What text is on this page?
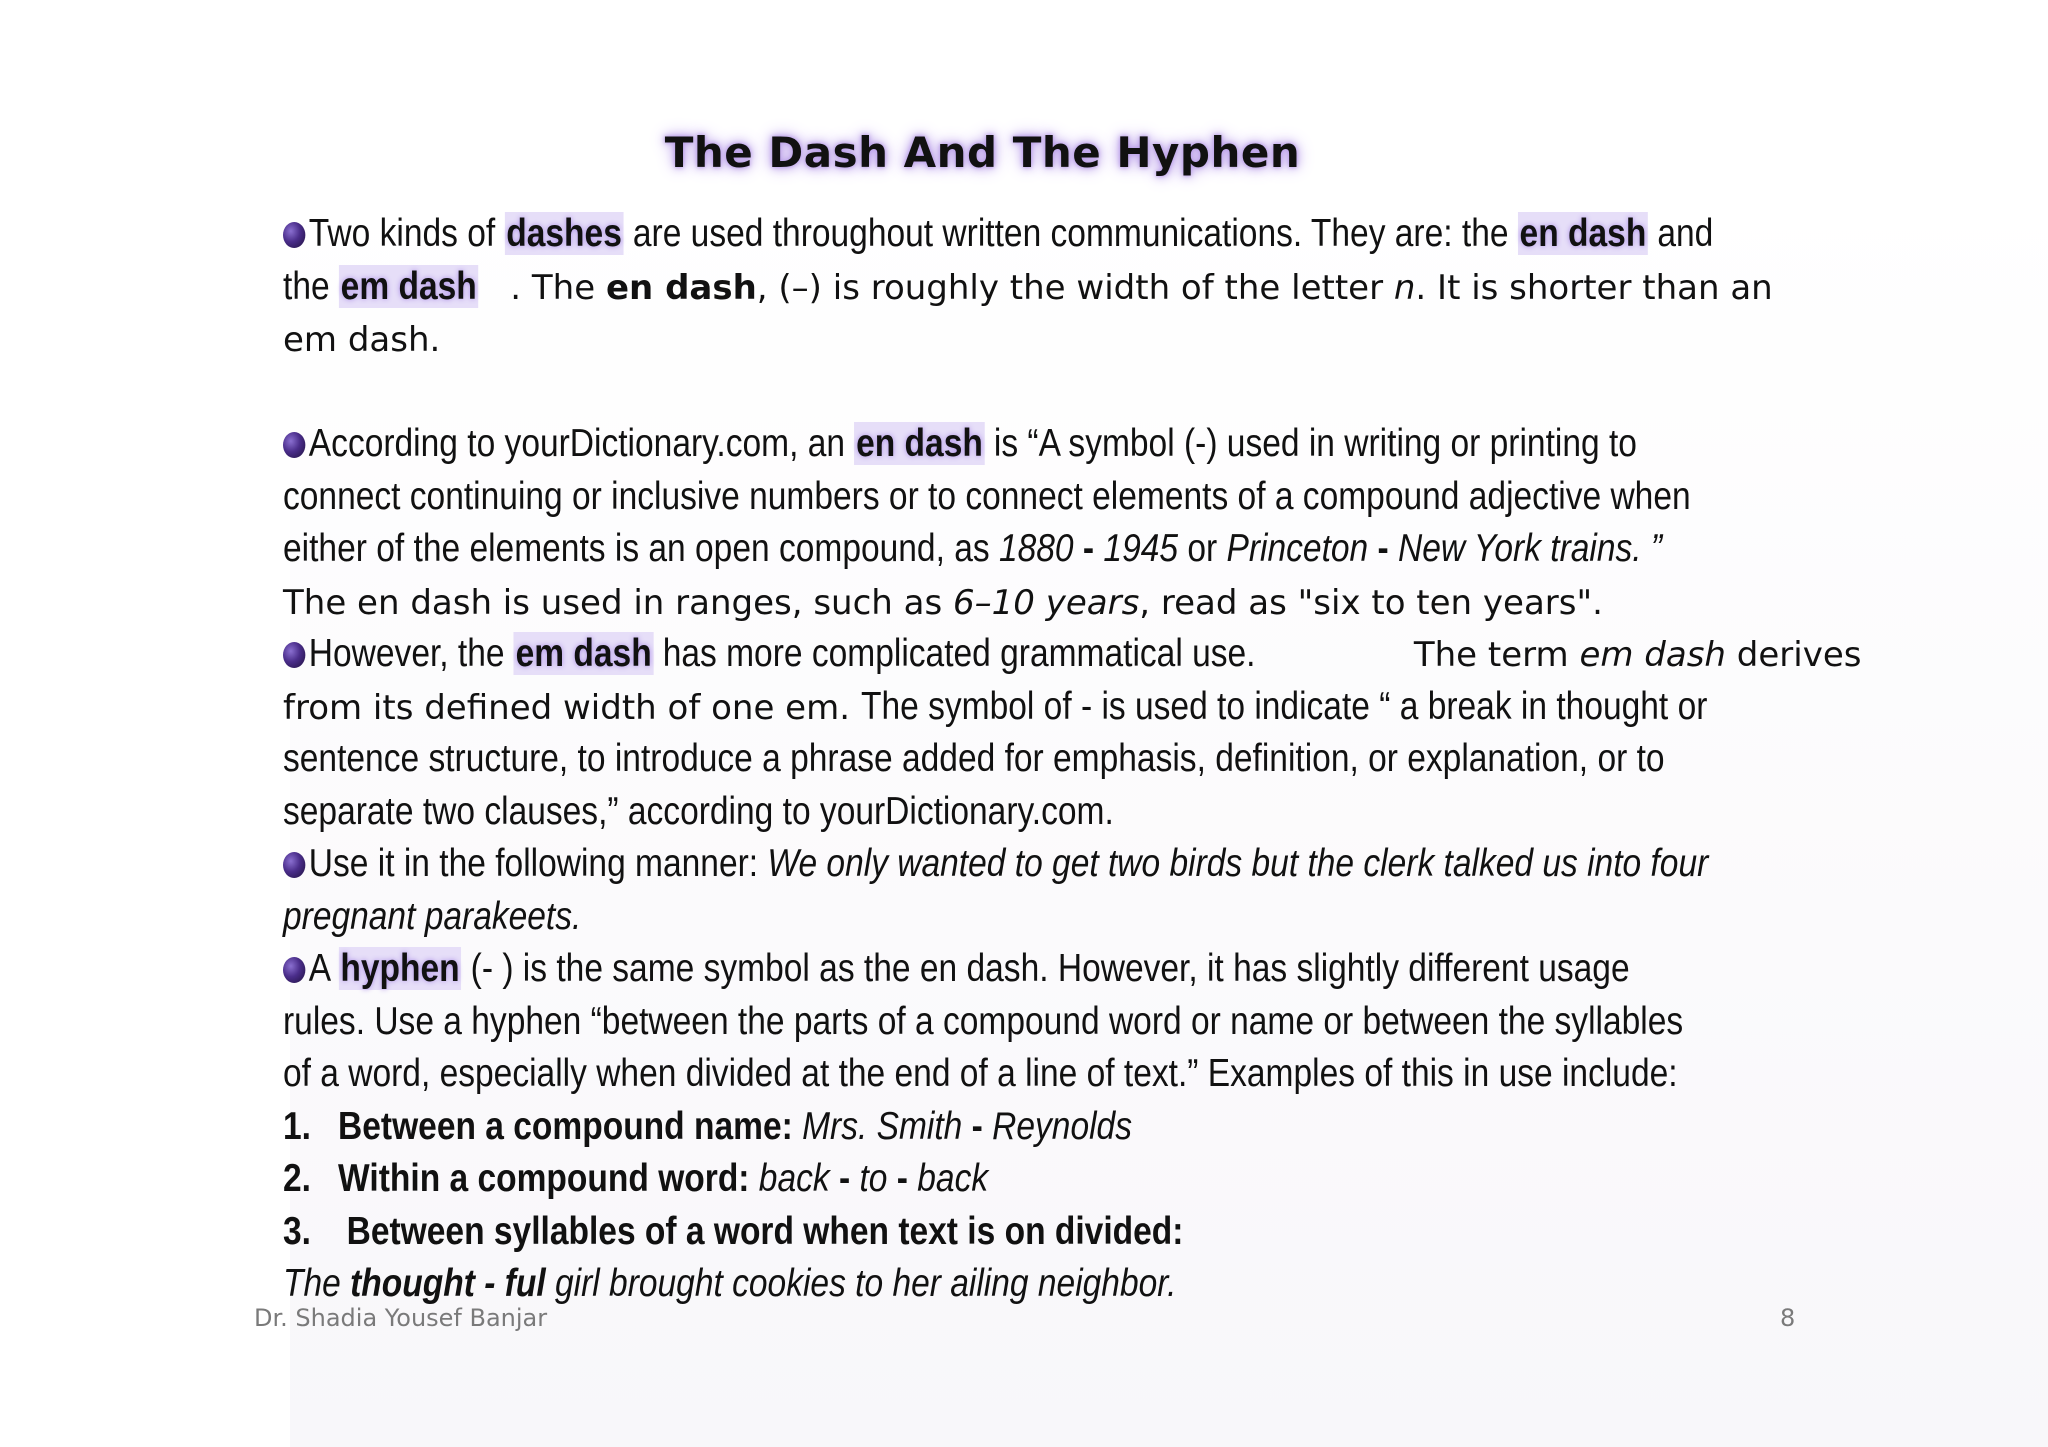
The Dash And The Hyphen
Two kinds of dashes are used throughout written communications. They are: the en dash and
the em dash . The en dash, (–) is roughly the width of the letter n. It is shorter than an
em dash.
According to yourDictionary.com, an en dash is “A symbol (-) used in writing or printing to
connect continuing or inclusive numbers or to connect elements of a compound adjective when
either of the elements is an open compound, as 1880 - 1945 or Princeton - New York trains. ”
The en dash is used in ranges, such as 6–10 years, read as "six to ten years".
However, the em dash has more complicated grammatical use.	The term em dash derives
from its defined width of one em. The symbol of - is used to indicate “ a break in thought or
sentence structure, to introduce a phrase added for emphasis, definition, or explanation, or to
separate two clauses,” according to yourDictionary.com.
Use it in the following manner: We only wanted to get two birds but the clerk talked us into four
pregnant parakeets.
A hyphen (- ) is the same symbol as the en dash. However, it has slightly different usage
rules. Use a hyphen “between the parts of a compound word or name or between the syllables
of a word, especially when divided at the end of a line of text.” Examples of this in use include:
1. Between a compound name: Mrs. Smith - Reynolds
2. Within a compound word: back - to - back
3. Between syllables of a word when text is on divided:
The thought - ful girl brought cookies to her ailing neighbor.
Dr. Shadia Yousef Banjar	8
